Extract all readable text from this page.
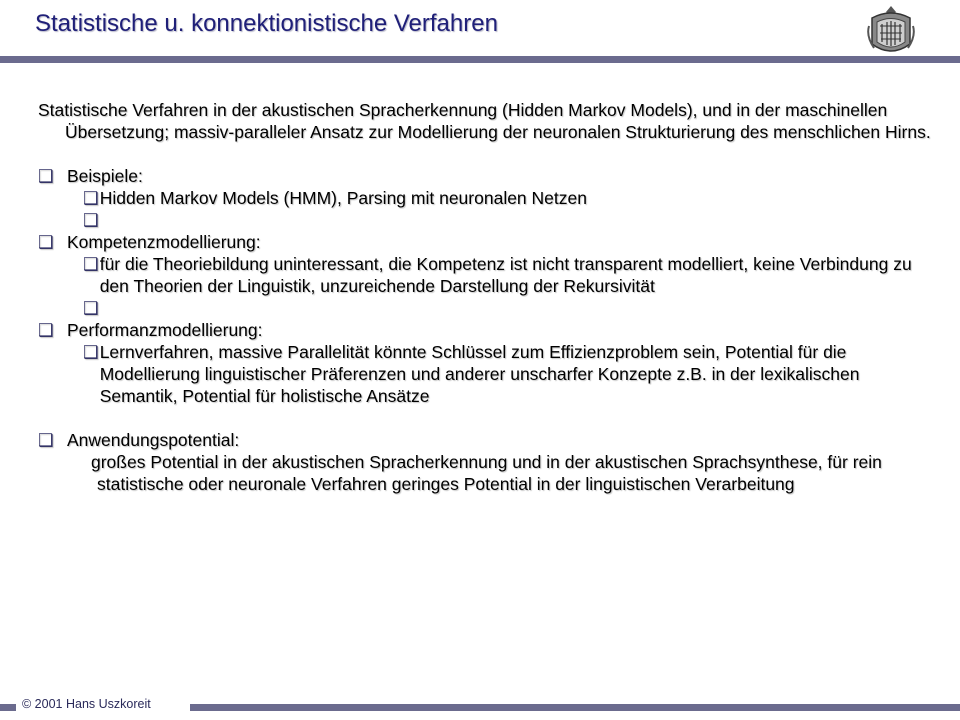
Statistische u. konnektionistische Verfahren
Statistische Verfahren in der akustischen Spracherkennung (Hidden Markov Models), und in der maschinellen Übersetzung; massiv-paralleler Ansatz zur Modellierung der neuronalen Strukturierung des menschlichen Hirns.
❑ Beispiele:
❑ Hidden Markov Models (HMM), Parsing mit neuronalen Netzen
❑
❑ Kompetenzmodellierung:
❑ für die Theoriebildung uninteressant, die Kompetenz ist nicht transparent modelliert, keine Verbindung zu den Theorien der Linguistik, unzureichende Darstellung der Rekursivität
❑
❑ Performanzmodellierung:
❑ Lernverfahren, massive Parallelität könnte Schlüssel zum Effizienzproblem sein, Potential für die Modellierung linguistischer Präferenzen und anderer unscharfer Konzepte z.B. in der lexikalischen Semantik, Potential für holistische Ansätze
❑ Anwendungspotential:
großes Potential in der akustischen Spracherkennung und in der akustischen Sprachsynthese, für rein statistische oder neuronale Verfahren geringes Potential in der linguistischen Verarbeitung
© 2001 Hans Uszkoreit
